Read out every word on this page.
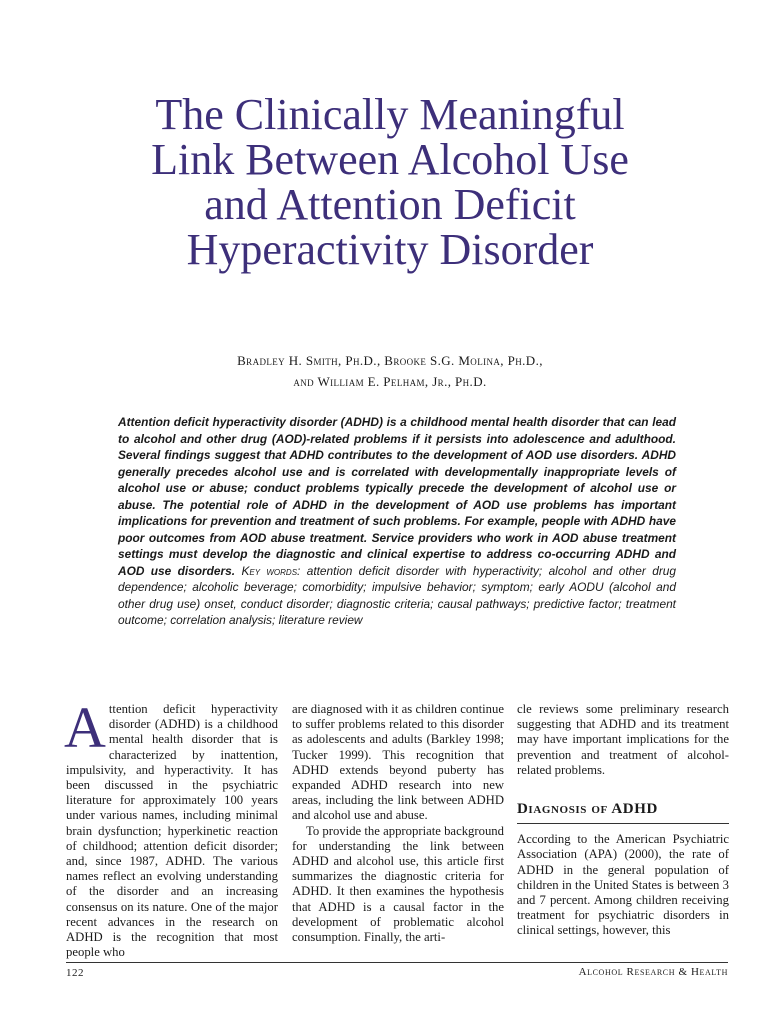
The Clinically Meaningful
Link Between Alcohol Use
and Attention Deficit
Hyperactivity Disorder
Bradley H. Smith, Ph.D., Brooke S.G. Molina, Ph.D.,
and William E. Pelham, Jr., Ph.D.

Attention deficit hyperactivity disorder (ADHD) is a childhood mental health disorder that can lead to alcohol and other drug (AOD)-related problems if it persists into adolescence and adulthood. Several findings suggest that ADHD contributes to the development of AOD use disorders. ADHD generally precedes alcohol use and is correlated with developmentally inappropriate levels of alcohol use or abuse; conduct problems typically precede the development of alcohol use or abuse. The potential role of ADHD in the development of AOD use problems has important implications for prevention and treatment of such problems. For example, people with ADHD have poor outcomes from AOD abuse treatment. Service providers who work in AOD abuse treatment settings must develop the diagnostic and clinical expertise to address co-occurring ADHD and AOD use disorders. Key words: attention deficit disorder with hyperactivity; alcohol and other drug dependence; alcoholic beverage; comorbidity; impulsive behavior; symptom; early AODU (alcohol and other drug use) onset, conduct disorder; diagnostic criteria; causal pathways; predictive factor; treatment outcome; correlation analysis; literature review

Attention deficit hyperactivity disorder (ADHD) is a childhood mental health disorder that is characterized by inattention, impulsivity, and hyperactivity. It has been discussed in the psychiatric literature for approximately 100 years under various names, including minimal brain dysfunction; hyperkinetic reaction of childhood; attention deficit disorder; and, since 1987, ADHD. The various names reflect an evolving understanding of the disorder and an increasing consensus on its nature. One of the major recent advances in the research on ADHD is the recognition that most people who

are diagnosed with it as children continue to suffer problems related to this disorder as adolescents and adults (Barkley 1998; Tucker 1999). This recognition that ADHD extends beyond puberty has expanded ADHD research into new areas, including the link between ADHD and alcohol use and abuse.

To provide the appropriate background for understanding the link between ADHD and alcohol use, this article first summarizes the diagnostic criteria for ADHD. It then examines the hypothesis that ADHD is a causal factor in the development of problematic alcohol consumption. Finally, the arti-

cle reviews some preliminary research suggesting that ADHD and its treatment may have important implications for the prevention and treatment of alcohol-related problems.

Diagnosis of ADHD

According to the American Psychiatric Association (APA) (2000), the rate of ADHD in the general population of children in the United States is between 3 and 7 percent. Among children receiving treatment for psychiatric disorders in clinical settings, however, this

122	Alcohol Research & Health
